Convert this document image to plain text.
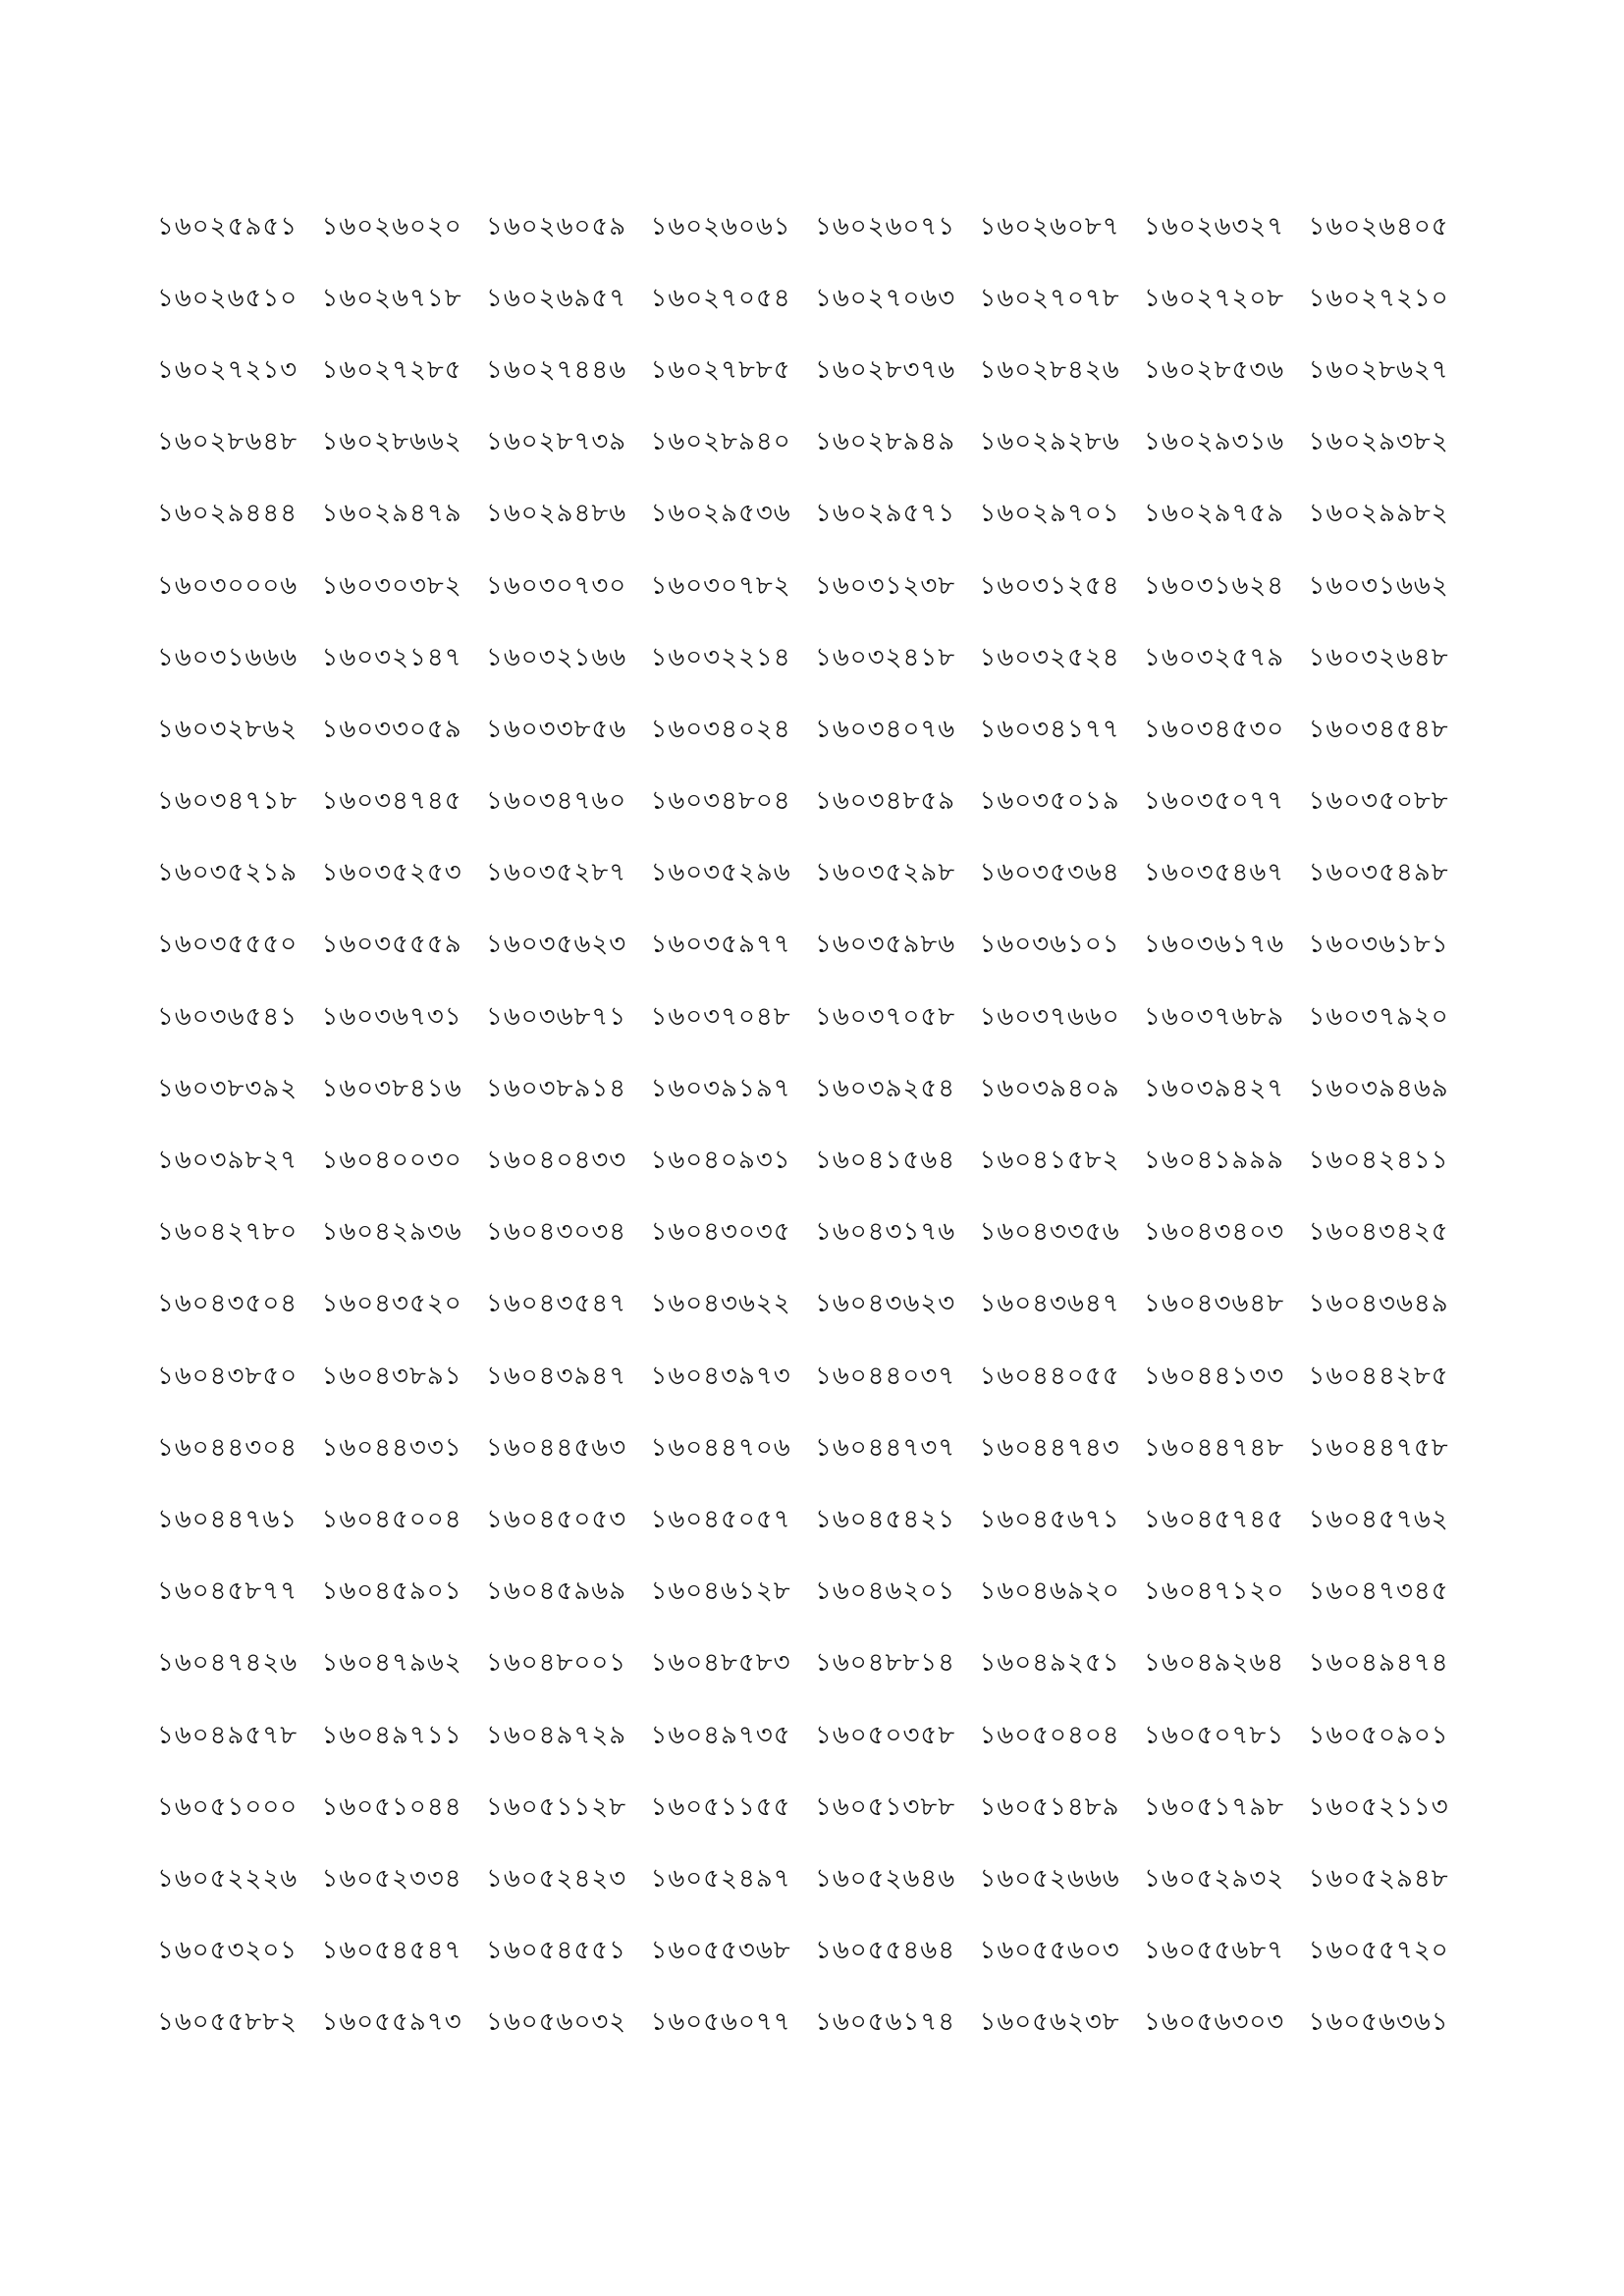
১৬০২৫৯৫১ ১৬০২৬০২০ ১৬০২৬০৫৯ ১৬০২৬০৬১ ১৬০২৬০৭১ ১৬০২৬০৮৭ ১৬০২৬৩২৭ ১৬০২৬৪০৫
১৬০২৬৫১০ ১৬০২৬৭১৮ ১৬০২৬৯৫৭ ১৬০২৭০৫৪ ১৬০২৭০৬৩ ১৬০২৭০৭৮ ১৬০২৭২০৮ ১৬০২৭২১০
১৬০২৭২১৩ ১৬০২৭২৮৫ ১৬০২৭৪৪৬ ১৬০২৭৮৮৫ ১৬০২৮৩৭৬ ১৬০২৮৪২৬ ১৬০২৮৫৩৬ ১৬০২৮৬২৭
১৬০২৮৬৪৮ ১৬০২৮৬৬২ ১৬০২৮৭৩৯ ১৬০২৮৯৪০ ১৬০২৮৯৪৯ ১৬০২৯২৮৬ ১৬০২৯৩১৬ ১৬০২৯৩৮২
১৬০২৯৪৪৪ ১৬০২৯৪৭৯ ১৬০২৯৪৮৬ ১৬০২৯৫৩৬ ১৬০২৯৫৭১ ১৬০২৯৭০১ ১৬০২৯৭৫৯ ১৬০২৯৯৮২
১৬০৩০০০৬ ১৬০৩০৩৮২ ১৬০৩০৭৩০ ১৬০৩০৭৮২ ১৬০৩১২৩৮ ১৬০৩১২৫৪ ১৬০৩১৬২৪ ১৬০৩১৬৬২
১৬০৩১৬৬৬ ১৬০৩২১৪৭ ১৬০৩২১৬৬ ১৬০৩২২১৪ ১৬০৩২৪১৮ ১৬০৩২৫২৪ ১৬০৩২৫৭৯ ১৬০৩২৬৪৮
১৬০৩২৮৬২ ১৬০৩৩০৫৯ ১৬০৩৩৮৫৬ ১৬০৩৪০২৪ ১৬০৩৪০৭৬ ১৬০৩৪১৭৭ ১৬০৩৪৫৩০ ১৬০৩৪৫৪৮
১৬০৩৪৭১৮ ১৬০৩৪৭৪৫ ১৬০৩৪৭৬০ ১৬০৩৪৮০৪ ১৬০৩৪৮৫৯ ১৬০৩৫০১৯ ১৬০৩৫০৭৭ ১৬০৩৫০৮৮
১৬০৩৫২১৯ ১৬০৩৫২৫৩ ১৬০৩৫২৮৭ ১৬০৩৫২৯৬ ১৬০৩৫২৯৮ ১৬০৩৫৩৬৪ ১৬০৩৫৪৬৭ ১৬০৩৫৪৯৮
১৬০৩৫৫৫০ ১৬০৩৫৫৫৯ ১৬০৩৫৬২৩ ১৬০৩৫৯৭৭ ১৬০৩৫৯৮৬ ১৬০৩৬১০১ ১৬০৩৬১৭৬ ১৬০৩৬১৮১
১৬০৩৬৫৪১ ১৬০৩৬৭৩১ ১৬০৩৬৮৭১ ১৬০৩৭০৪৮ ১৬০৩৭০৫৮ ১৬০৩৭৬৬০ ১৬০৩৭৬৮৯ ১৬০৩৭৯২০
১৬০৩৮৩৯২ ১৬০৩৮৪১৬ ১৬০৩৮৯১৪ ১৬০৩৯১৯৭ ১৬০৩৯২৫৪ ১৬০৩৯৪০৯ ১৬০৩৯৪২৭ ১৬০৩৯৪৬৯
১৬০৩৯৮২৭ ১৬০৪০০৩০ ১৬০৪০৪৩৩ ১৬০৪০৯৩১ ১৬০৪১৫৬৪ ১৬০৪১৫৮২ ১৬০৪১৯৯৯ ১৬০৪২৪১১
১৬০৪২৭৮০ ১৬০৪২৯৩৬ ১৬০৪৩০৩৪ ১৬০৪৩০৩৫ ১৬০৪৩১৭৬ ১৬০৪৩৩৫৬ ১৬০৪৩৪০৩ ১৬০৪৩৪২৫
১৬০৪৩৫০৪ ১৬০৪৩৫২০ ১৬০৪৩৫৪৭ ১৬০৪৩৬২২ ১৬০৪৩৬২৩ ১৬০৪৩৬৪৭ ১৬০৪৩৬৪৮ ১৬০৪৩৬৪৯
১৬০৪৩৮৫০ ১৬০৪৩৮৯১ ১৬০৪৩৯৪৭ ১৬০৪৩৯৭৩ ১৬০৪৪০৩৭ ১৬০৪৪০৫৫ ১৬০৪৪১৩৩ ১৬০৪৪২৮৫
১৬০৪৪৩০৪ ১৬০৪৪৩৩১ ১৬০৪৪৫৬৩ ১৬০৪৪৭০৬ ১৬০৪৪৭৩৭ ১৬০৪৪৭৪৩ ১৬০৪৪৭৪৮ ১৬০৪৪৭৫৮
১৬০৪৪৭৬১ ১৬০৪৫০০৪ ১৬০৪৫০৫৩ ১৬০৪৫০৫৭ ১৬০৪৫৪২১ ১৬০৪৫৬৭১ ১৬০৪৫৭৪৫ ১৬০৪৫৭৬২
১৬০৪৫৮৭৭ ১৬০৪৫৯০১ ১৬০৪৫৯৬৯ ১৬০৪৬১২৮ ১৬০৪৬২০১ ১৬০৪৬৯২০ ১৬০৪৭১২০ ১৬০৪৭৩৪৫
১৬০৪৭৪২৬ ১৬০৪৭৯৬২ ১৬০৪৮০০১ ১৬০৪৮৫৮৩ ১৬০৪৮৮১৪ ১৬০৪৯২৫১ ১৬০৪৯২৬৪ ১৬০৪৯৪৭৪
১৬০৪৯৫৭৮ ১৬০৪৯৭১১ ১৬০৪৯৭২৯ ১৬০৪৯৭৩৫ ১৬০৫০৩৫৮ ১৬০৫০৪০৪ ১৬০৫০৭৮১ ১৬০৫০৯০১
১৬০৫১০০০ ১৬০৫১০৪৪ ১৬০৫১১২৮ ১৬০৫১১৫৫ ১৬০৫১৩৮৮ ১৬০৫১৪৮৯ ১৬০৫১৭৯৮ ১৬০৫২১১৩
১৬০৫২২২৬ ১৬০৫২৩৩৪ ১৬০৫২৪২৩ ১৬০৫২৪৯৭ ১৬০৫২৬৪৬ ১৬০৫২৬৬৬ ১৬০৫২৯৩২ ১৬০৫২৯৪৮
১৬০৫৩২০১ ১৬০৫৪৫৪৭ ১৬০৫৪৫৫১ ১৬০৫৫৩৬৮ ১৬০৫৫৪৬৪ ১৬০৫৫৬০৩ ১৬০৫৫৬৮৭ ১৬০৫৫৭২০
১৬০৫৫৮৮২ ১৬০৫৫৯৭৩ ১৬০৫৬০৩২ ১৬০৫৬০৭৭ ১৬০৫৬১৭৪ ১৬০৫৬২৩৮ ১৬০৫৬৩০৩ ১৬০৫৬৩৬১
